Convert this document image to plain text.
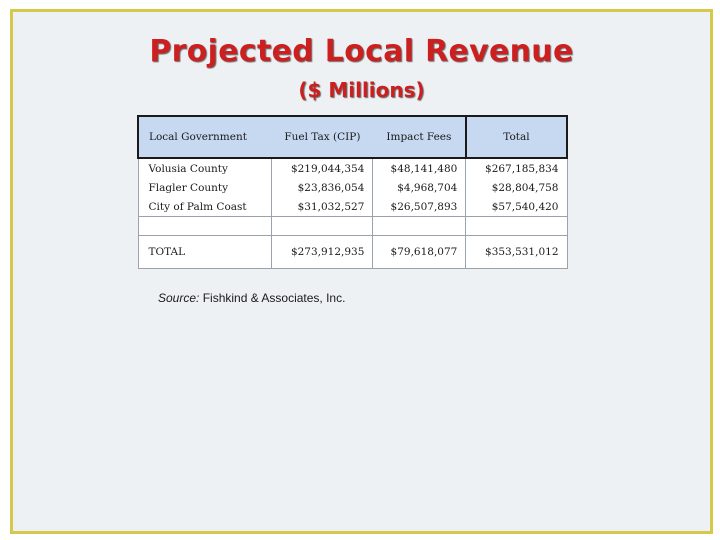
Projected Local Revenue
($ Millions)
Local Government	Fuel Tax (CIP)	Impact Fees	Total
Volusia County	$219,044,354	$48,141,480	$267,185,834
Flagler County	$23,836,054	$4,968,704	$28,804,758
City of Palm Coast	$31,032,527	$26,507,893	$57,540,420

TOTAL	$273,912,935	$79,618,077	$353,531,012
Source: Fishkind & Associates, Inc.
